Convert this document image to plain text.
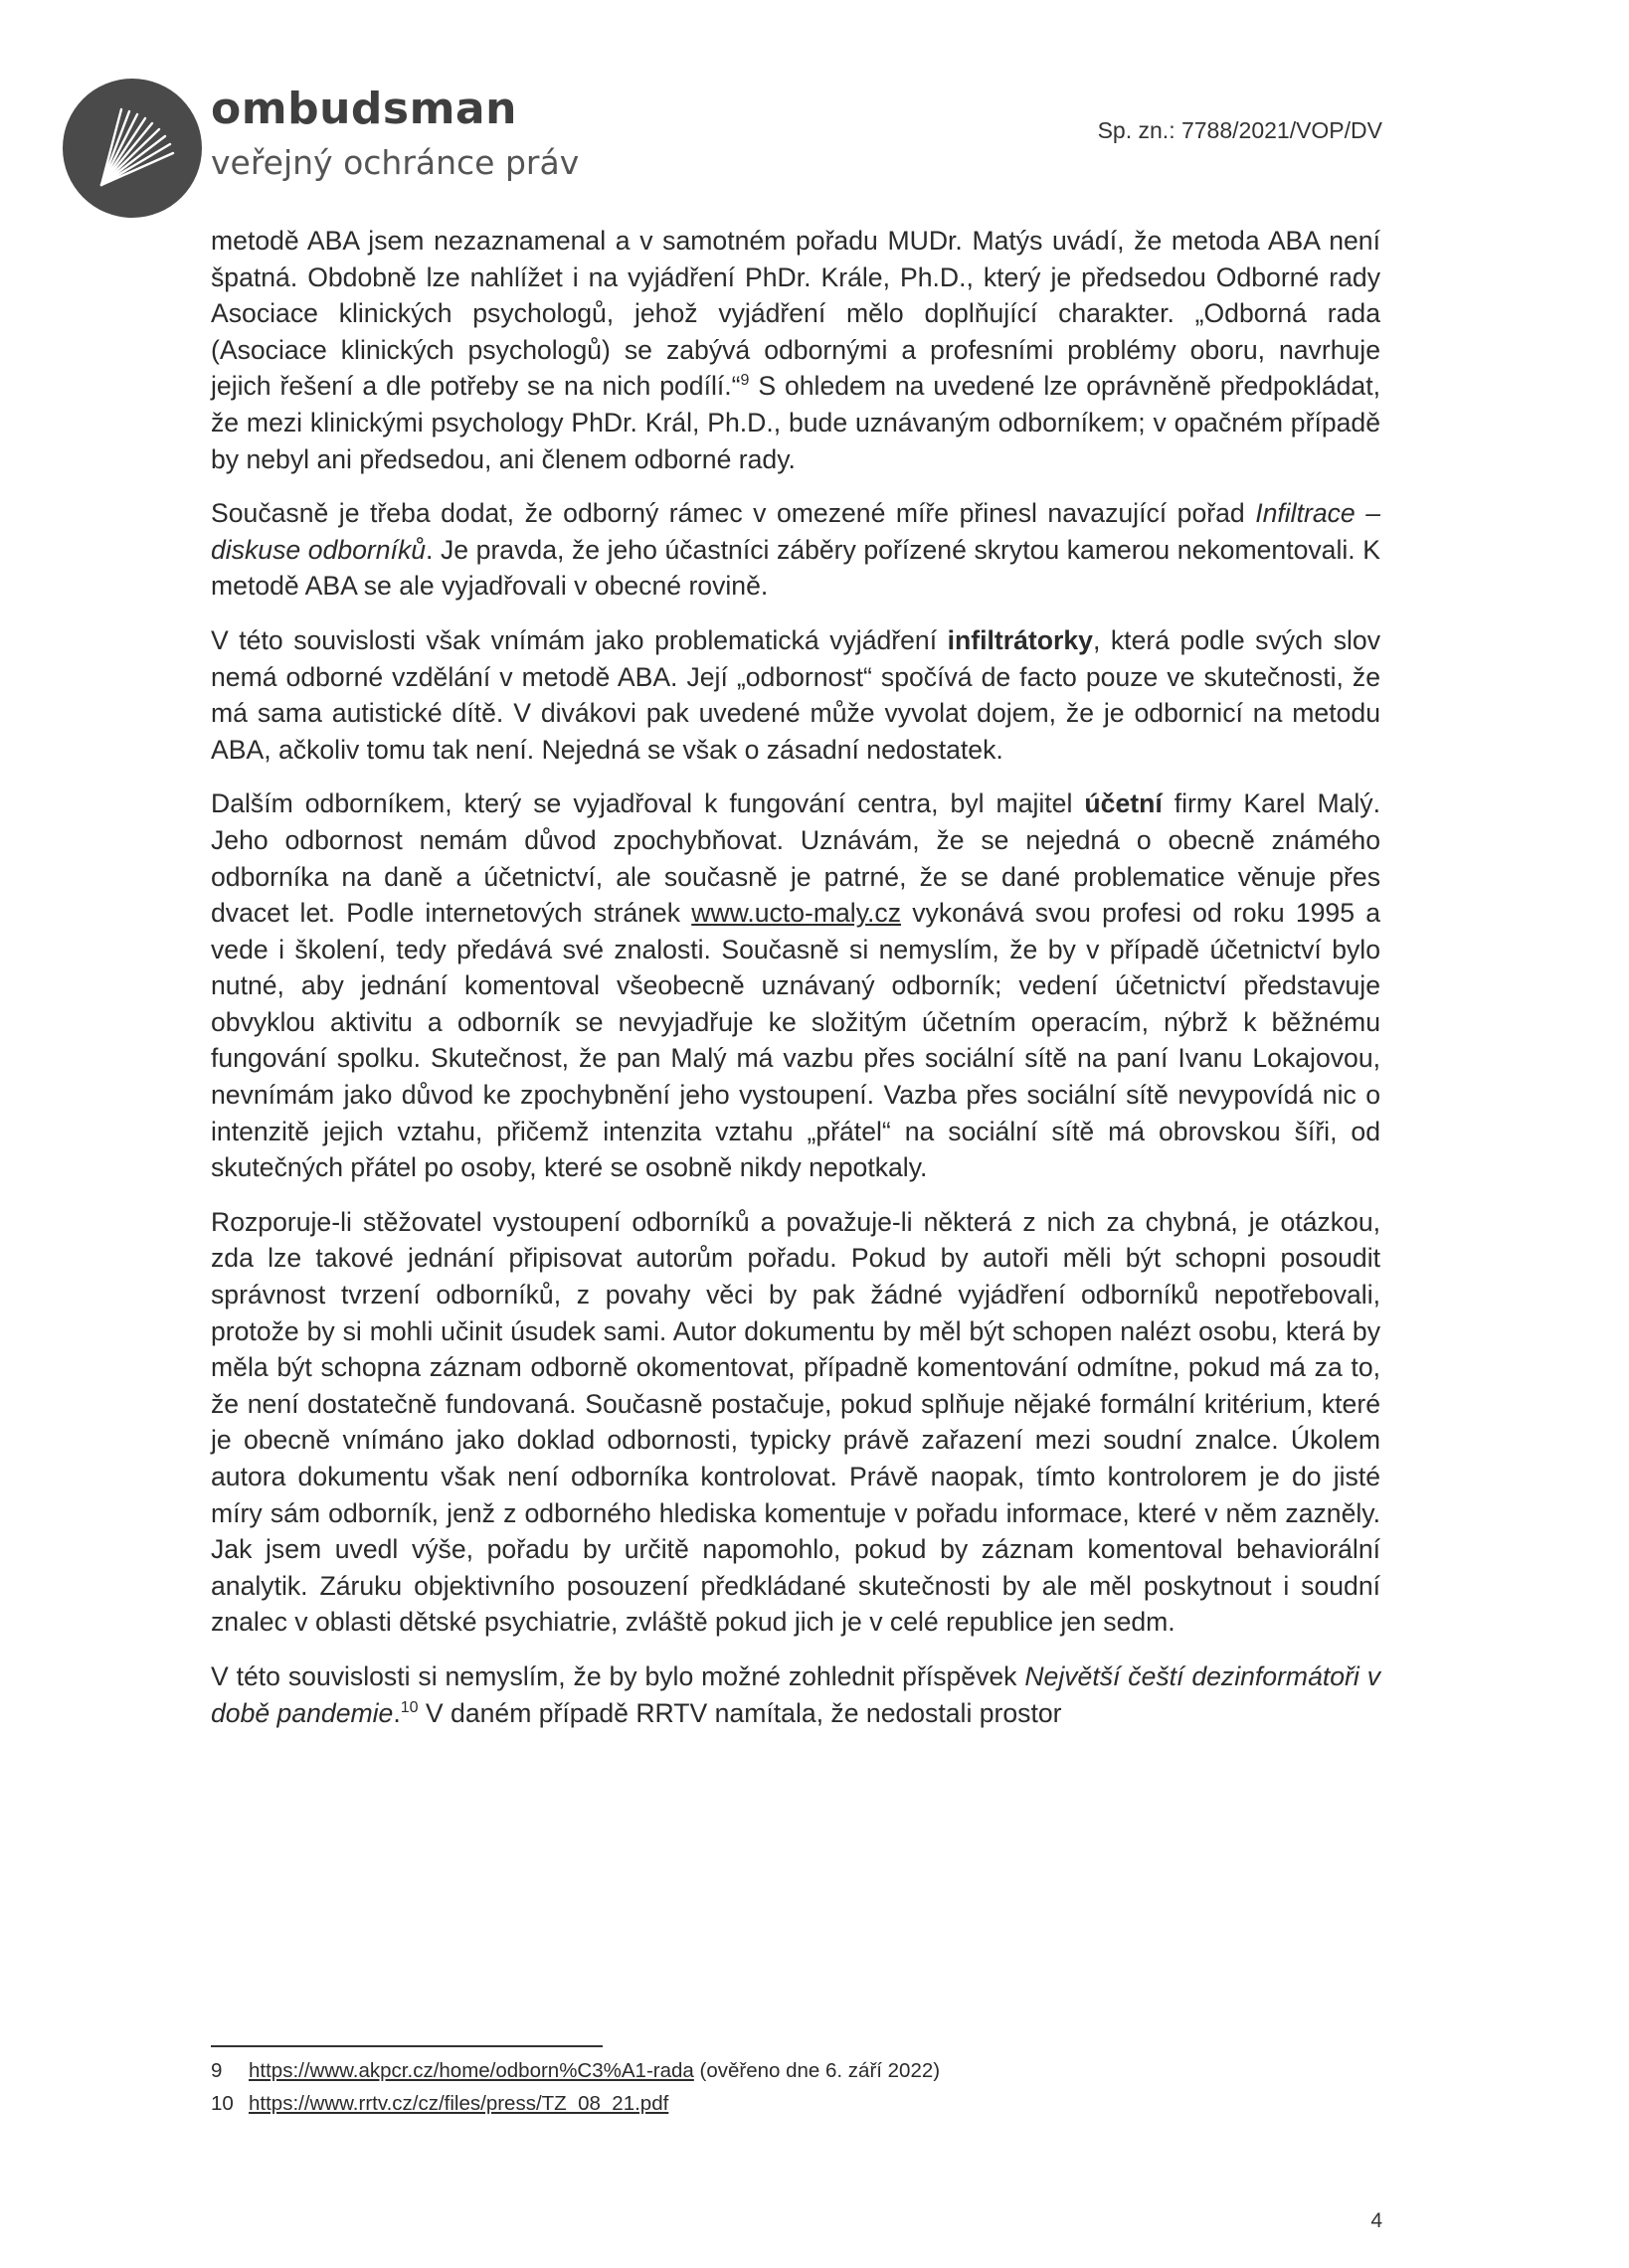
ombudsman
veřejný ochránce práv
Sp. zn.: 7788/2021/VOP/DV

metodě ABA jsem nezaznamenal a v samotném pořadu MUDr. Matýs uvádí, že metoda ABA není špatná. Obdobně lze nahlížet i na vyjádření PhDr. Krále, Ph.D., který je předsedou Odborné rady Asociace klinických psychologů, jehož vyjádření mělo doplňující charakter. „Odborná rada (Asociace klinických psychologů) se zabývá odbornými a profesními problémy oboru, navrhuje jejich řešení a dle potřeby se na nich podílí.“$^9$ S ohledem na uvedené lze oprávněně předpokládat, že mezi klinickými psychology PhDr. Král, Ph.D., bude uznávaným odborníkem; v opačném případě by nebyl ani předsedou, ani členem odborné rady.

Současně je třeba dodat, že odborný rámec v omezené míře přinesl navazující pořad Infiltrace – diskuse odborníků. Je pravda, že jeho účastníci záběry pořízené skrytou kamerou nekomentovali. K metodě ABA se ale vyjadřovali v obecné rovině.

V této souvislosti však vnímám jako problematická vyjádření infiltrátorky, která podle svých slov nemá odborné vzdělání v metodě ABA. Její „odbornost“ spočívá de facto pouze ve skutečnosti, že má sama autistické dítě. V divákovi pak uvedené může vyvolat dojem, že je odbornicí na metodu ABA, ačkoliv tomu tak není. Nejedná se však o zásadní nedostatek.

Dalším odborníkem, který se vyjadřoval k fungování centra, byl majitel účetní firmy Karel Malý. Jeho odbornost nemám důvod zpochybňovat. Uznávám, že se nejedná o obecně známého odborníka na daně a účetnictví, ale současně je patrné, že se dané problematice věnuje přes dvacet let. Podle internetových stránek www.ucto-maly.cz vykonává svou profesi od roku 1995 a vede i školení, tedy předává své znalosti. Současně si nemyslím, že by v případě účetnictví bylo nutné, aby jednání komentoval všeobecně uznávaný odborník; vedení účetnictví představuje obvyklou aktivitu a odborník se nevyjadřuje ke složitým účetním operacím, nýbrž k běžnému fungování spolku. Skutečnost, že pan Malý má vazbu přes sociální sítě na paní Ivanu Lokajovou, nevnímám jako důvod ke zpochybnění jeho vystoupení. Vazba přes sociální sítě nevypovídá nic o intenzitě jejich vztahu, přičemž intenzita vztahu „přátel“ na sociální sítě má obrovskou šíři, od skutečných přátel po osoby, které se osobně nikdy nepotkaly.

Rozporuje-li stěžovatel vystoupení odborníků a považuje-li některá z nich za chybná, je otázkou, zda lze takové jednání připisovat autorům pořadu. Pokud by autoři měli být schopni posoudit správnost tvrzení odborníků, z povahy věci by pak žádné vyjádření odborníků nepotřebovali, protože by si mohli učinit úsudek sami. Autor dokumentu by měl být schopen nalézt osobu, která by měla být schopna záznam odborně okomentovat, případně komentování odmítne, pokud má za to, že není dostatečně fundovaná. Současně postačuje, pokud splňuje nějaké formální kritérium, které je obecně vnímáno jako doklad odbornosti, typicky právě zařazení mezi soudní znalce. Úkolem autora dokumentu však není odborníka kontrolovat. Právě naopak, tímto kontrolorem je do jisté míry sám odborník, jenž z odborného hlediska komentuje v pořadu informace, které v něm zazněly. Jak jsem uvedl výše, pořadu by určitě napomohlo, pokud by záznam komentoval behaviorální analytik. Záruku objektivního posouzení předkládané skutečnosti by ale měl poskytnout i soudní znalec v oblasti dětské psychiatrie, zvláště pokud jich je v celé republice jen sedm.

V této souvislosti si nemyslím, že by bylo možné zohlednit příspěvek Největší čeští dezinformátoři v době pandemie.$^{10}$ V daném případě RRTV namítala, že nedostali prostor

9	https://www.akpcr.cz/home/odborn%C3%A1-rada (ověřeno dne 6. září 2022)
10 https://www.rrtv.cz/cz/files/press/TZ_08_21.pdf
4
